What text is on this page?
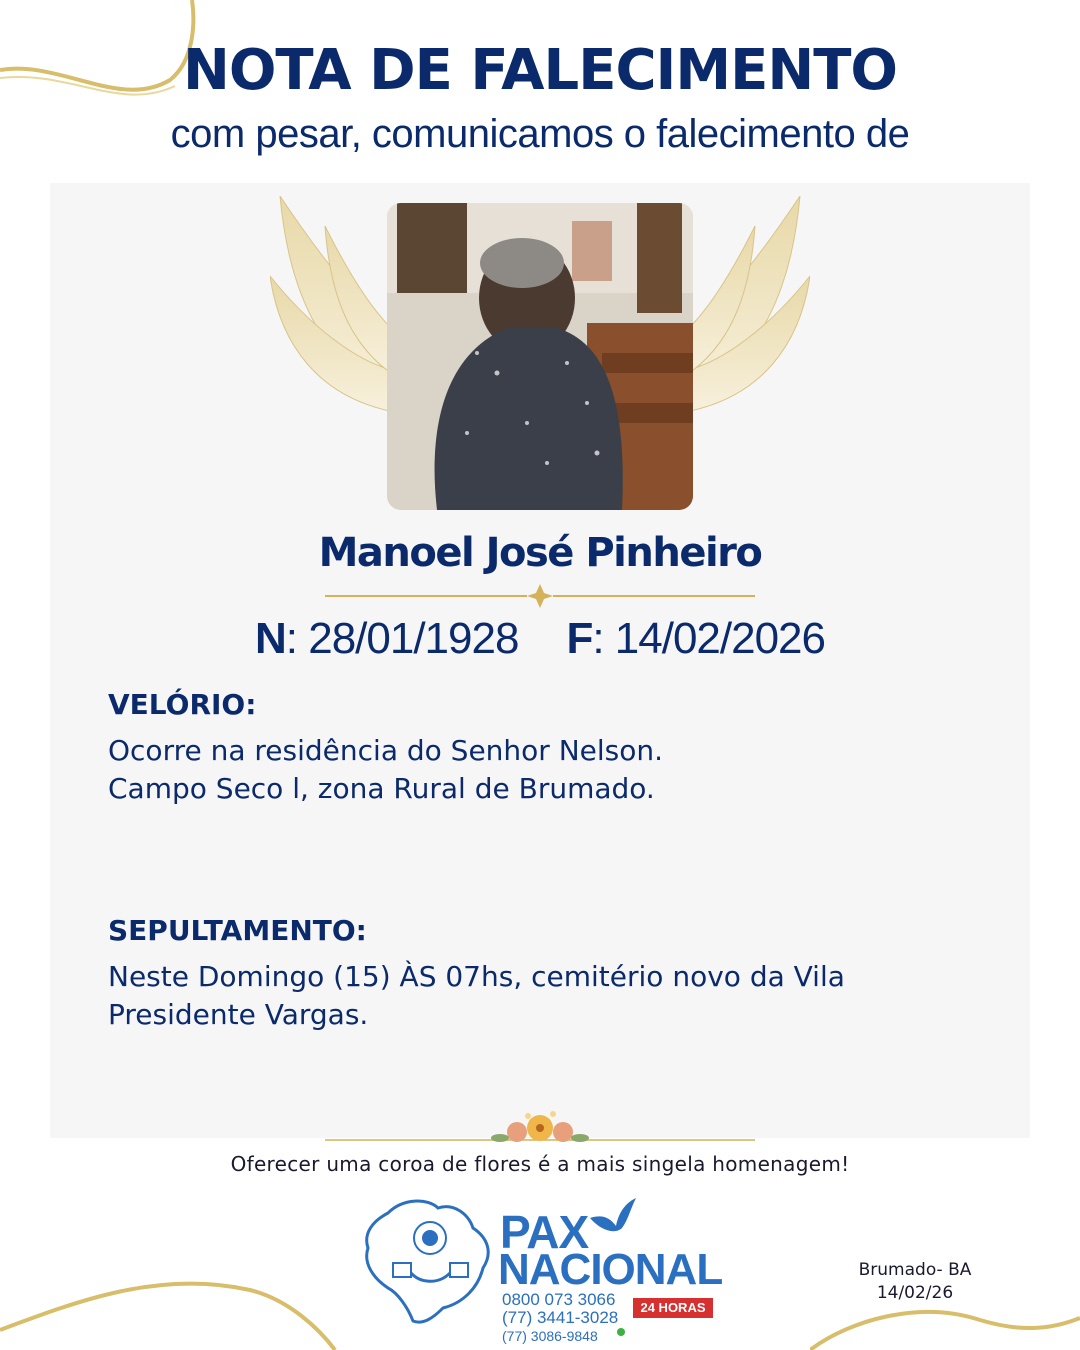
NOTA DE FALECIMENTO
com pesar, comunicamos o falecimento de
Manoel José Pinheiro
N: 28/01/1928 F: 14/02/2026
VELÓRIO:
Ocorre na residência do Senhor Nelson.
Campo Seco l, zona Rural de Brumado.
SEPULTAMENTO:
Neste Domingo (15) ÀS 07hs, cemitério novo da Vila
Presidente Vargas.
Oferecer uma coroa de flores é a mais singela homenagem!
PAX
NACIONAL
0800 073 3066
(77) 3441-3028
(77) 3086-9848
24 HORAS
Brumado- BA
14/02/26
